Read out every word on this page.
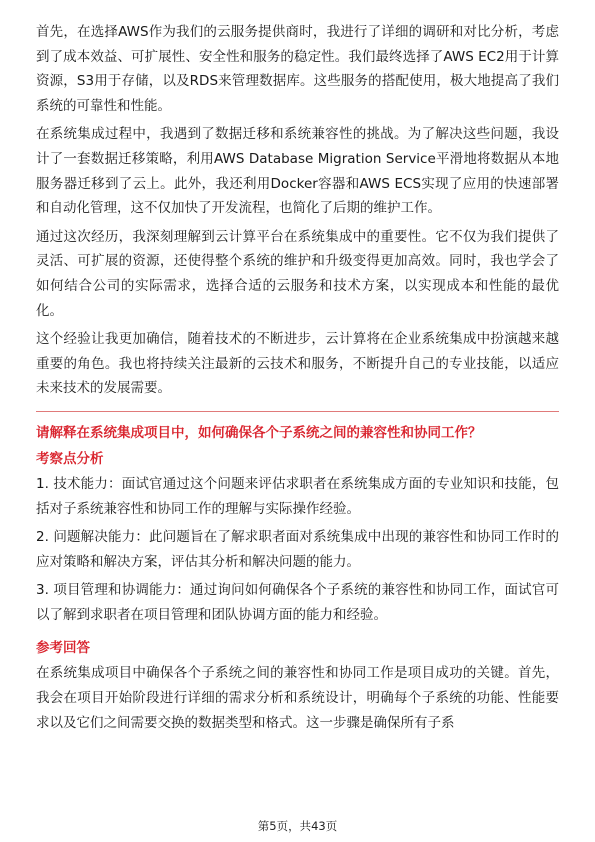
首先，在选择AWS作为我们的云服务提供商时，我进行了详细的调研和对比分析，考虑到了成本效益、可扩展性、安全性和服务的稳定性。我们最终选择了AWS EC2用于计算资源，S3用于存储，以及RDS来管理数据库。这些服务的搭配使用，极大地提高了我们系统的可靠性和性能。

在系统集成过程中，我遇到了数据迁移和系统兼容性的挑战。为了解决这些问题，我设计了一套数据迁移策略，利用AWS Database Migration Service平滑地将数据从本地服务器迁移到了云上。此外，我还利用Docker容器和AWS ECS实现了应用的快速部署和自动化管理，这不仅加快了开发流程，也简化了后期的维护工作。

通过这次经历，我深刻理解到云计算平台在系统集成中的重要性。它不仅为我们提供了灵活、可扩展的资源，还使得整个系统的维护和升级变得更加高效。同时，我也学会了如何结合公司的实际需求，选择合适的云服务和技术方案，以实现成本和性能的最优化。

这个经验让我更加确信，随着技术的不断进步，云计算将在企业系统集成中扮演越来越重要的角色。我也将持续关注最新的云技术和服务，不断提升自己的专业技能，以适应未来技术的发展需要。

请解释在系统集成项目中，如何确保各个子系统之间的兼容性和协同工作？

考察点分析

1. 技术能力：面试官通过这个问题来评估求职者在系统集成方面的专业知识和技能，包括对子系统兼容性和协同工作的理解与实际操作经验。

2. 问题解决能力：此问题旨在了解求职者面对系统集成中出现的兼容性和协同工作时的应对策略和解决方案，评估其分析和解决问题的能力。

3. 项目管理和协调能力：通过询问如何确保各个子系统的兼容性和协同工作，面试官可以了解到求职者在项目管理和团队协调方面的能力和经验。

参考回答

在系统集成项目中确保各个子系统之间的兼容性和协同工作是项目成功的关键。首先，我会在项目开始阶段进行详细的需求分析和系统设计，明确每个子系统的功能、性能要求以及它们之间需要交换的数据类型和格式。这一步骤是确保所有子系

第5页，共43页
